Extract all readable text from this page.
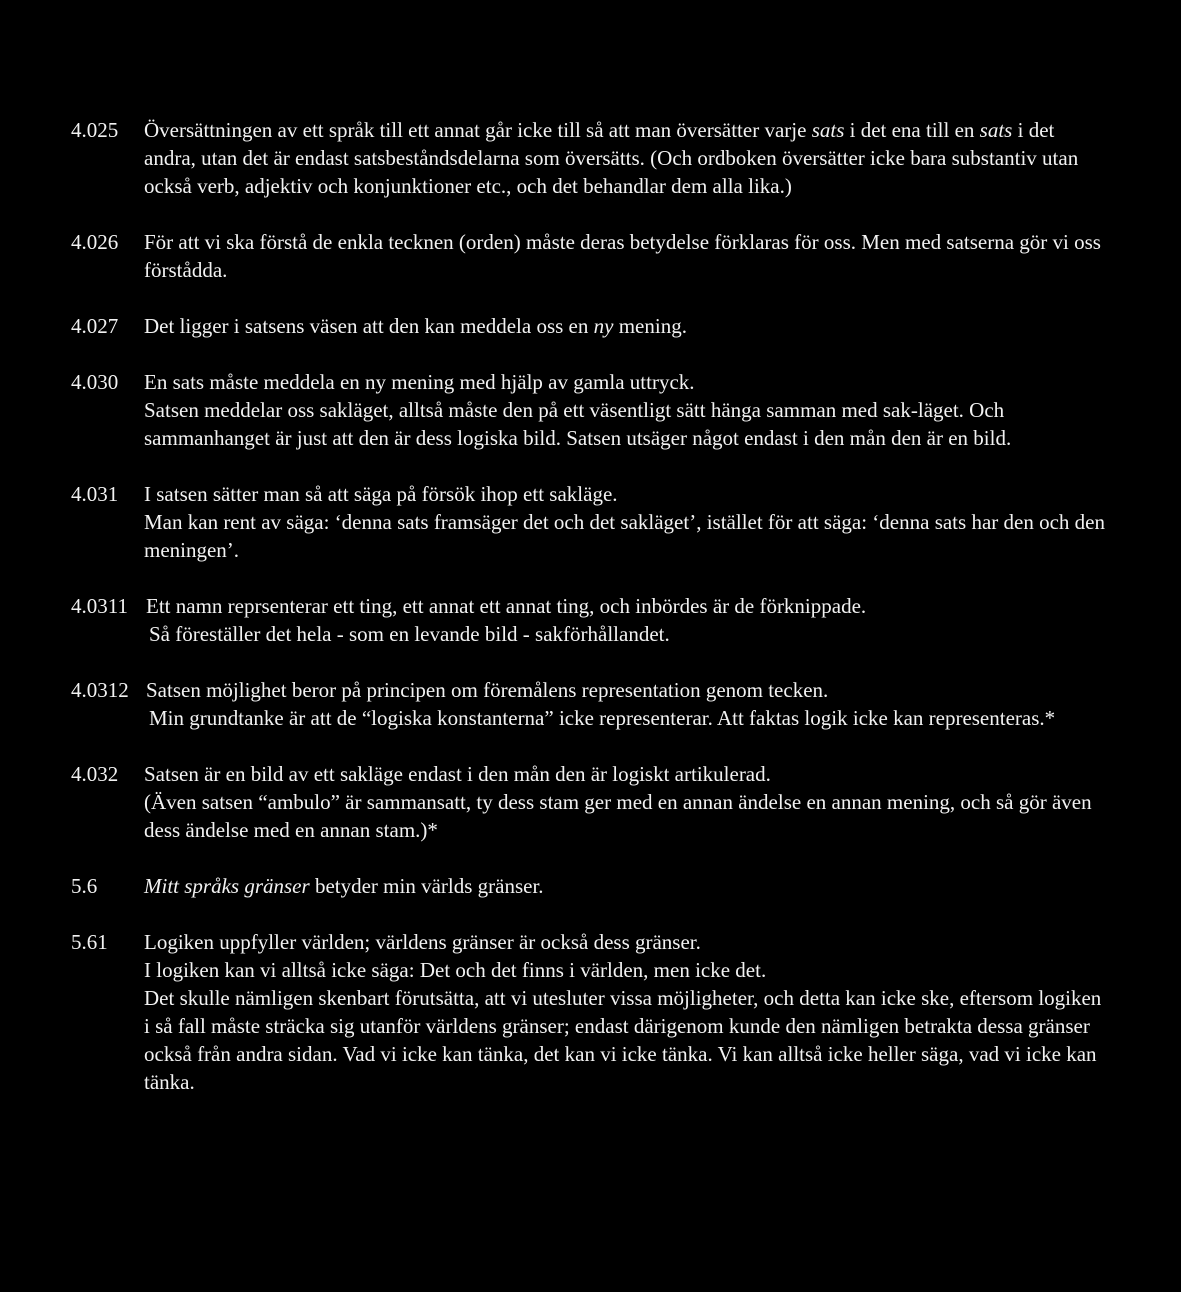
4.025	Översättningen av ett språk till ett annat går icke till så att man översätter varje sats i det ena till en sats i det andra, utan det är endast satsbeståndsdelarna som översätts. (Och ordboken översätter icke bara substantiv utan också verb, adjektiv och konjunktioner etc., och det behandlar dem alla lika.)

4.026	För att vi ska förstå de enkla tecknen (orden) måste deras betydelse förklaras för oss. Men med satserna gör vi oss förstådda.

4.027	Det ligger i satsens väsen att den kan meddela oss en ny mening.

4.030	En sats måste meddela en ny mening med hjälp av gamla uttryck.

Satsen meddelar oss sakläget, alltså måste den på ett väsentligt sätt hänga samman med sak-läget. Och sammanhanget är just att den är dess logiska bild. Satsen utsäger något endast i den mån den är en bild.

4.031	I satsen sätter man så att säga på försök ihop ett sakläge.

Man kan rent av säga: ‘denna sats framsäger det och det sakläget’, istället för att säga: ‘denna sats har den och den meningen’.

4.0311 Ett namn reprsenterar ett ting, ett annat ett annat ting, och inbördes är de förknippade.

Så föreställer det hela - som en levande bild - sakförhållandet.

4.0312 Satsen möjlighet beror på principen om föremålens representation genom tecken.

Min grundtanke är att de “logiska konstanterna” icke representerar. Att faktas logik icke kan representeras.*

4.032	Satsen är en bild av ett sakläge endast i den mån den är logiskt artikulerad.

(Även satsen “ambulo” är sammansatt, ty dess stam ger med en annan ändelse en annan mening, och så gör även dess ändelse med en annan stam.)*

5.6	Mitt språks gränser betyder min världs gränser.

5.61	Logiken uppfyller världen; världens gränser är också dess gränser.

I logiken kan vi alltså icke säga: Det och det finns i världen, men icke det.

Det skulle nämligen skenbart förutsätta, att vi utesluter vissa möjligheter, och detta kan icke ske, eftersom logiken i så fall måste sträcka sig utanför världens gränser; endast därigenom kunde den nämligen betrakta dessa gränser också från andra sidan. Vad vi icke kan tänka, det kan vi icke tänka. Vi kan alltså icke heller säga, vad vi icke kan tänka.
